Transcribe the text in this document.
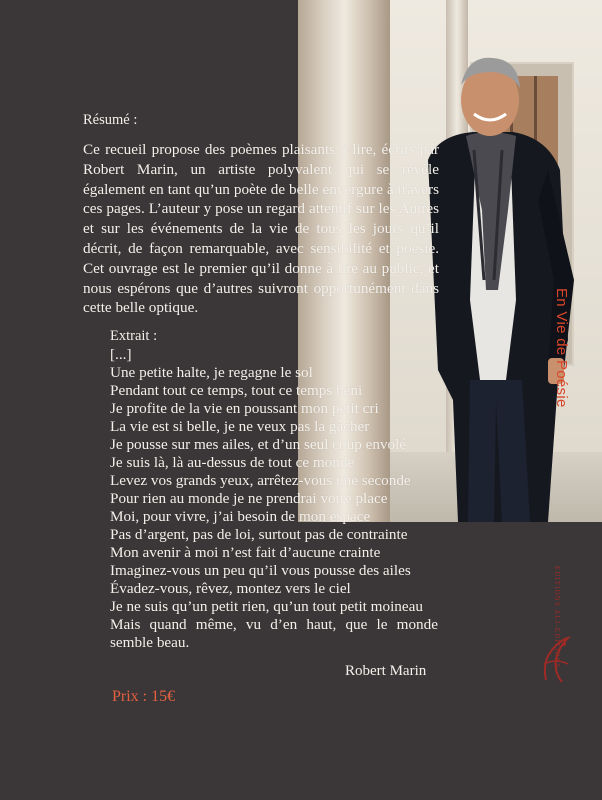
Résumé :
Ce recueil propose des poèmes plaisants à lire, écrits par Robert Marin, un artiste polyvalent qui se révèle également en tant qu’un poète de belle envergure à travers ces pages. L’auteur y pose un regard attentif sur les Autres et sur les événements de la vie de tous les jours qu’il décrit, de façon remarquable, avec sensibilité et poésie. Cet ouvrage est le premier qu’il donne à lire au public, et nous espérons que d’autres suivront opportunément dans cette belle optique.
Extrait :
[...]
Une petite halte, je regagne le sol
Pendant tout ce temps, tout ce temps béni
Je profite de la vie en poussant mon petit cri
La vie est si belle, je ne veux pas la gâcher
Je pousse sur mes ailes, et d’un seul coup envolé
Je suis là, là au-dessus de tout ce monde
Levez vos grands yeux, arrêtez-vous une seconde
Pour rien au monde je ne prendrai votre place
Moi, pour vivre, j’ai besoin de mon espace
Pas d’argent, pas de loi, surtout pas de contrainte
Mon avenir à moi n’est fait d’aucune crainte
Imaginez-vous un peu qu’il vous pousse des ailes
Évadez-vous, rêvez, montez vers le ciel
Je ne suis qu’un petit rien, qu’un tout petit moineau
Mais quand même, vu d’en haut, que le monde semble beau.
Robert Marin
Prix : 15€
En Vie de Poésie
EDITIONS ALI-EDITIONS
